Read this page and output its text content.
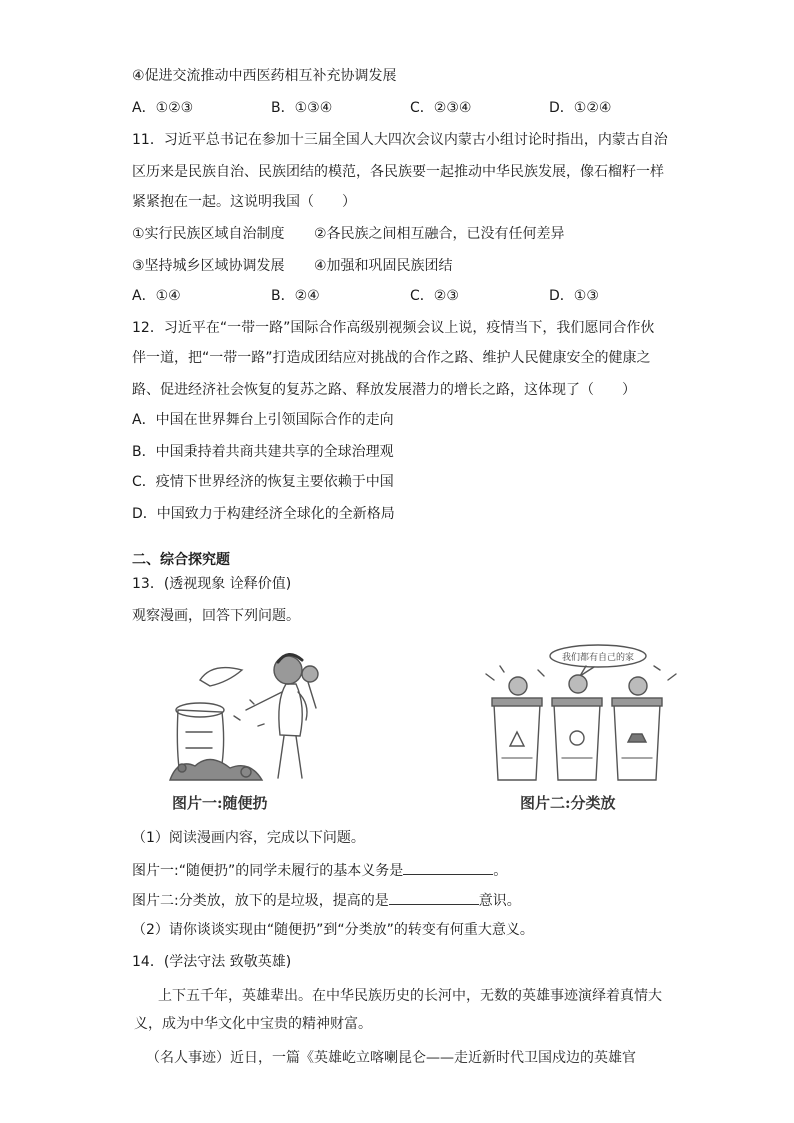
④促进交流推动中西医药相互补充协调发展
A．①②③	B．①③④	C．②③④	D．①②④
11．习近平总书记在参加十三届全国人大四次会议内蒙古小组讨论时指出，内蒙古自治
区历来是民族自治、民族团结的模范，各民族要一起推动中华民族发展，像石榴籽一样
紧紧抱在一起。这说明我国（　　）
①实行民族区域自治制度 ②各民族之间相互融合，已没有任何差异
③坚持城乡区域协调发展 ④加强和巩固民族团结
A．①④	B．②④	C．②③	D．①③
12．习近平在“一带一路”国际合作高级别视频会议上说，疫情当下，我们愿同合作伙
伴一道，把“一带一路”打造成团结应对挑战的合作之路、维护人民健康安全的健康之
路、促进经济社会恢复的复苏之路、释放发展潜力的增长之路，这体现了（　　）
A．中国在世界舞台上引领国际合作的走向
B．中国秉持着共商共建共享的全球治理观
C．疫情下世界经济的恢复主要依赖于中国
D．中国致力于构建经济全球化的全新格局
二、综合探究题
13．(透视现象 诠释价值)
观察漫画，回答下列问题。
图片一:随便扔
我们都有自己的家
图片二:分类放
（1）阅读漫画内容，完成以下问题。
图片一:“随便扔”的同学未履行的基本义务是	。
图片二:分类放，放下的是垃圾，提高的是	意识。
（2）请你谈谈实现由“随便扔”到“分类放”的转变有何重大意义。
14．(学法守法 致敬英雄)
上下五千年，英雄辈出。在中华民族历史的长河中，无数的英雄事迹演绎着真情大
义，成为中华文化中宝贵的精神财富。
（名人事迹）近日，一篇《英雄屹立喀喇昆仑——走近新时代卫国戍边的英雄官
